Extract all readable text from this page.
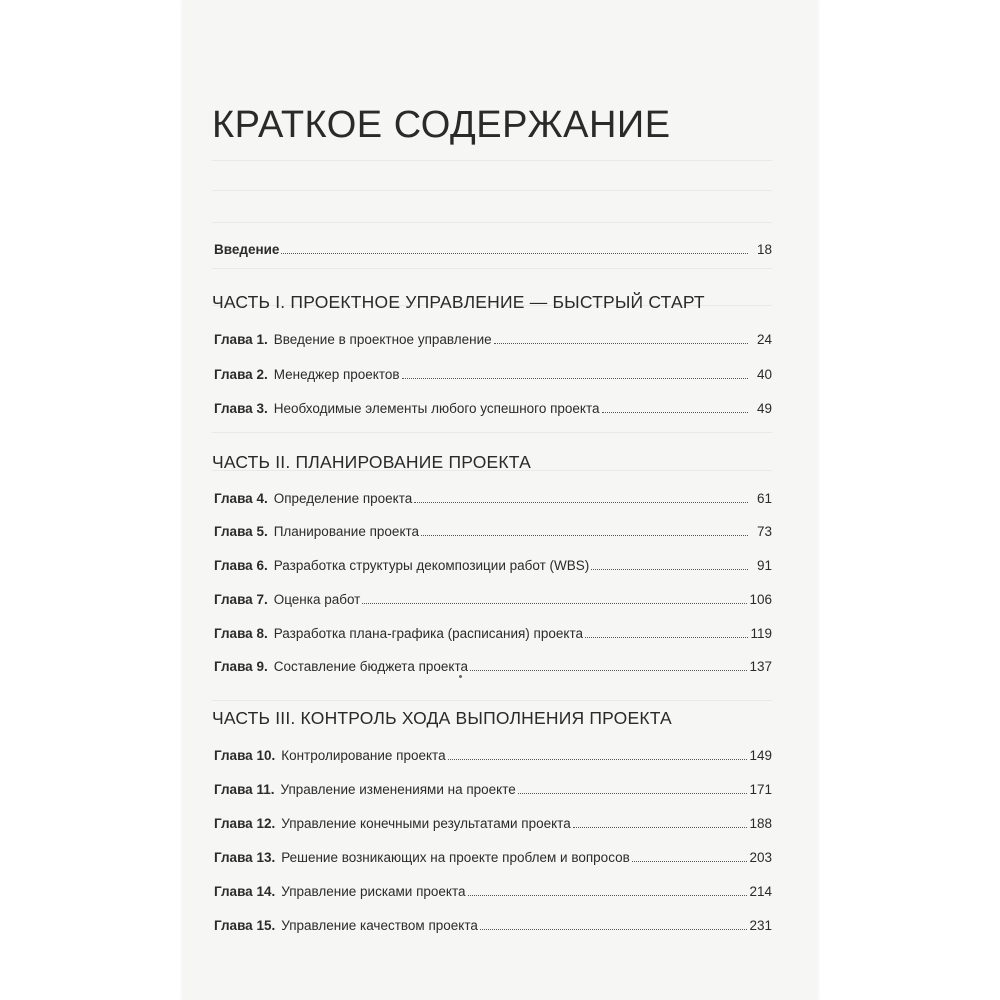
КРАТКОЕ СОДЕРЖАНИЕ
Введение	18
ЧАСТЬ I. ПРОЕКТНОЕ УПРАВЛЕНИЕ — БЫСТРЫЙ СТАРТ
Глава 1. Введение в проектное управление	24
Глава 2. Менеджер проектов	40
Глава 3. Необходимые элементы любого успешного проекта	49
ЧАСТЬ II. ПЛАНИРОВАНИЕ ПРОЕКТА
Глава 4. Определение проекта	61
Глава 5. Планирование проекта	73
Глава 6. Разработка структуры декомпозиции работ (WBS)	91
Глава 7. Оценка работ	106
Глава 8. Разработка плана-графика (расписания) проекта	119
Глава 9. Составление бюджета проекта	137
ЧАСТЬ III. КОНТРОЛЬ ХОДА ВЫПОЛНЕНИЯ ПРОЕКТА
Глава 10. Контролирование проекта	149
Глава 11. Управление изменениями на проекте	171
Глава 12. Управление конечными результатами проекта	188
Глава 13. Решение возникающих на проекте проблем и вопросов	203
Глава 14. Управление рисками проекта	214
Глава 15. Управление качеством проекта	231
